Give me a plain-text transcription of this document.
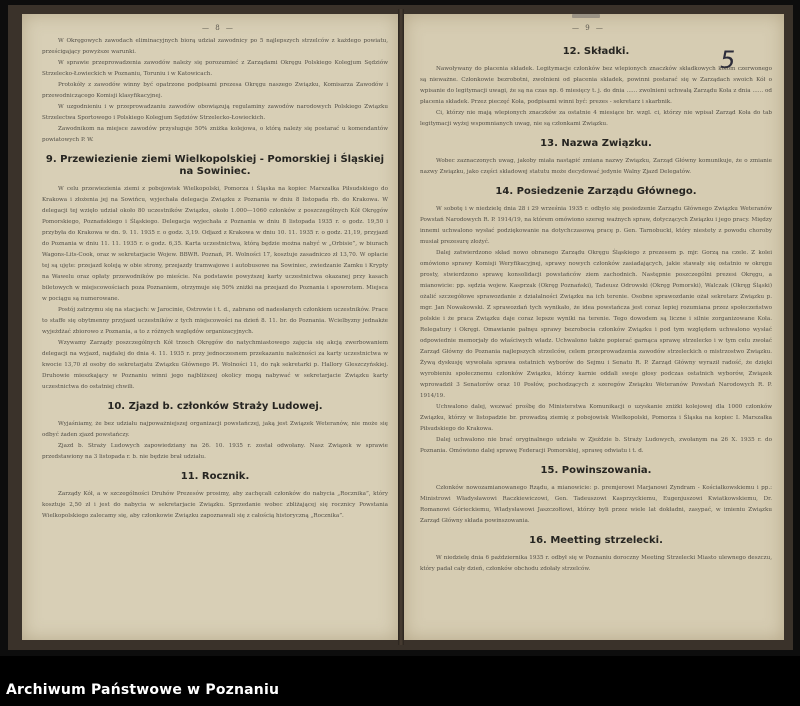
— 8 —

W Okręgowych zawodach eliminacyjnych biorą udział zawodnicy po 5 najlepszych strzelców z każdego powiatu, prześcigający powyższe warunki.

W sprawie przeprowadzenia zawodów należy się porozumieć z Zarządami Okręgu Polskiego Kolegjum Sędziów Strzelecko-Łowieckich w Poznaniu, Toruniu i w Katowicach.

Protokóły z zawodów winny być opatrzone podpisami prezesa Okręgu naszego Związku, Komisarza Zawodów i przewodniczącego Komisji klasyfikacyjnej.

W uzgodnieniu i w przeprowadzaniu zawodów obowiązują regulaminy zawodów narodowych Polskiego Związku Strzelectwa Sportowego i Polskiego Kolegjum Sędziów Strzelecko-Łowieckich.

Zawodnikom na miejsce zawodów przysługuje 50% zniżka kolejowa, o którą należy się postarać u komendantów powiatowych P. W.

9. Przewiezienie ziemi Wielkopolskiej - Pomorskiej i Śląskiej na Sowiniec.

W celu przewiezienia ziemi z pobojowisk Wielkopolski, Pomorza i Śląska na kopiec Marszałka Piłsudskiego do Krakowa i złożenia jej na Sowińcu, wyjechała delegacja Związku z Poznania w dniu 8 listopada rb. do Krakowa. W delegacji tej wzięło udział około 80 uczestników Związku, około 1.000—1060 członków z poszczególnych Kół Okręgów Pomorskiego, Poznańskiego i Śląskiego. Delegacja wyjechała z Poznania w dniu 8 listopada 1935 r. o godz. 19,50 i przybyła do Krakowa w dn. 9. 11. 1935 r. o godz. 3,19. Odjazd z Krakowa w dniu 10. 11. 1935 r. o godz. 21,19, przyjazd do Poznania w dniu 11. 11. 1935 r. o godz. 6,35. Karta uczestnictwa, którą będzie można nabyć w „Orbisie”, w biurach Wagons-Lits-Cook, oraz w sekretarjacie Wojew. BBWR. Poznań, Pl. Wolności 17, kosztuje zasadniczo zł 13,70. W opłacie tej są ujęte: przejazd koleją w obie strony, przejazdy tramwajowe i autobusowe na Sowiniec, zwiedzanie Zamku i Krypty na Wawelu oraz opłaty przewodników po mieście. Na podstawie powyższej karty uczestnictwa okazanej przy kasach biletowych w miejscowościach poza Poznaniem, otrzymuje się 50% zniżki na przejazd do Poznania i spowrotem. Miejsca w pociągu są numerowane.

Postój zatrzymu się na stacjach: w Jarocinie, Ostrowie i t. d., zabrano od nadesłanych członkiem uczestników. Prace to staffe się obytmenny przyjazd uczestników z tych miejscowości na dzień 8. 11. br. do Poznania. Wcielbyzny jednakże wyjeżdżać zbiorowo z Poznania, a to z różnych względów organizacyjnych.

Wzywamy Zarządy poszczególnych Kół trzech Okręgów do natychmiastowego zajęcia się akcją zwerbowaniem delegacji na wyjazd, najdalej do dnia 4. 11. 1935 r. przy jednoczesnem przekazaniu należności za karty uczestnictwa w kwocie 13,70 zł osoby do sekretarjatu Związku Głównego Pl. Wolności 11, do rąk sekretarki p. Hallory Gleszczyńskiej. Druhowie mieszkający w Poznaniu winni jego najbliższej okolicy mogą nabywać w sekretarjacie Związku karty uczestnictwa do ostatniej chwili.

10. Zjazd b. członków Straży Ludowej.

Wyjaśniamy, że bez udziału najpoważniejszej organizacji powstańczej, jaką jest Związek Weteranów, nie może się odbyć żaden zjazd powstańczy.

Zjazd b. Straży Ludowych zapowiedziany na 26. 10. 1935 r. został odwołany. Nasz Związek w sprawie przedstawiony na 3 listopada r. b. nie będzie brał udziału.

11. Rocznik.

Zarządy Kół, a w szczególności Druhów Prezesów prosimy, aby zachęcali członków do nabycia „Rocznika”, który kosztuje 2,50 zł i jest do nabycia w sekretarjacie Związku. Sprzedanie wobec zbliżającej się rocznicy Powstania Wielkopolskiego zalecamy się, aby członkowie Związku zapoznawali się z całością historyczną „Rocznika”.

— 9 —
5
12. Składki.

Nawoływany do płacenia składek. Legitymacje członków bez wlepionych znaczków składkowych kolom czerwonego są nieważne. Członkowie bezrobotni, zwolnieni od płacenia składek, powinni postarać się w Zarządach swoich Kół o wpisanie do legitymacji uwagi, że są na czas np. 6 miesięcy t. j. do dnia ...... zwolnieni uchwałą Zarządu Koła z dnia ...... od płacenia składek. Przez pieczęć Koła, podpisami winni być: prezes - sekretarz i skarbnik.

Ci, którzy nie mają wlepionych znaczków za ostatnie 4 miesiące br. wzgl. ci, którzy nie wpisał Zarząd Koła do tab legitymacji wyżej wspomnianych uwag, nie są członkami Związku.

13. Nazwa Związku.

Wobec zaznaczonych uwag, jakoby miała nastąpić zmiana nazwy Związku, Zarząd Główny komunikuje, że o zmianie nazwy Związku, jako części składowej statutu może decydować jedynie Walny Zjazd Delegatów.

14. Posiedzenie Zarządu Głównego.

W sobotę i w niedzielę dnia 28 i 29 września 1935 r. odbyło się posiedzenie Zarządu Głównego Związku Weteranów Powstań Narodowych R. P. 1914/19, na którem omówiono szereg ważnych spraw, dotyczących Związku i jego pracy. Między innemi uchwalono wysłać podziękowanie na dotychczasową pracę p. Gen. Tarnobucki, który niestety z powodu choroby musiał prezesurę złożyć.

Dalej zatwierdzono skład nowo obranego Zarządu Okręgu Śląskiego z prezesem p. mjr. Gorzą na czele. Z kolei omówiono sprawy Komisji Weryfikacyjnej, sprawy nowych członków zasiadających, jakie stawały się ostatnio w okręgu prosty, stwierdzono sprawę konsolidacji powstańców ziem zachodnich. Następnie poszczególni prezesi Okręgu, a mianowicie: pp. sędzia wojew. Kasprzak (Okręg Poznański), Tadeusz Odrowski (Okręg Pomorski), Walczak (Okręg Śląski) ożalić szczegółowe sprawozdanie z działalności Związku na ich terenie. Osobne sprawozdanie ożał sekretarz Związku p. mgr. Jan Nowakowski. Z sprawozdań tych wynikało, że idea powstańcza jest coraz lepiej rozumiana przez społeczeństwo polskie i że praca Związku daje coraz lepsze wyniki na terenie. Tego dowodem są liczne i silnie zorganizowane Koła. Relegatury i Okręgi. Omawianie pałnęu sprawy bezrobocia członków Związku i pod tym względem uchwalono wysłać odpowiednie memorjały do właściwych władz. Uchwalono także popierać garnąca sprawę strzelecko i w tym celu zwołać Zarząd Główny do Poznania najlepszych strzelców, celem przeprowadzenia zawodów strzeleckich o mistrzostwo Związku. Żywą dyskusję wywołała sprawa ostatnich wyborów do Sejmu i Senatu R. P. Zarząd Główny wyraził radość, że dzięki wyrobieniu społecznemu członków Związku, którzy karnie oddali swoje głosy podczas ostatnich wyborów, Związek wprowadził 3 Senatorów oraz 10 Posłów, pochodzących z szeregów Związku Weteranów Powstań Narodowych R. P. 1914/19.

Uchwalono dalej, wezwać prośbę do Ministerstwa Komunikacji o uzyskanie zniżki kolejowej dla 1000 członków Związku, którzy w listopadzie br. prowadzą ziemię z pobojowisk Wielkopolski, Pomorza i Śląska na kopiec I. Marszałka Piłsudskiego do Krakowa.

Dalej uchwalono nie brać oryginalnego udziału w Zjeździe b. Straży Ludowych, zwołanym na 26 X. 1935 r. do Poznania. Omówiono dalej sprawę Federacji Pomorskiej, sprawę odwiatu i t. d.

15. Powinszowania.

Członków nowozamianowanego Rządu, a mianowicie: p. premjerowi Marjanowi Zyndram - Kościałkowskiemu i pp.: Ministrowi Władysławowi Raczkiewiczowi, Gen. Tadeuszowi Kasprzyckiemu, Eugenjuszowi Kwiatkowskiemu, Dr. Romanowi Górieckiemu, Władysławowi Jaszczołtowi, którzy byli przez wiele lat dokładni, zasypać, w imieniu Związku Zarząd Główny składa powinszowania.

16. Meetting strzelecki.

W niedzielę dnia 6 października 1935 r. odbył się w Poznaniu doroczny Meeting Strzelecki Miasto ulewnego deszczu, który padał cały dzień, członków obchodu zdołały strzelców.

Archiwum Państwowe w Poznaniu
